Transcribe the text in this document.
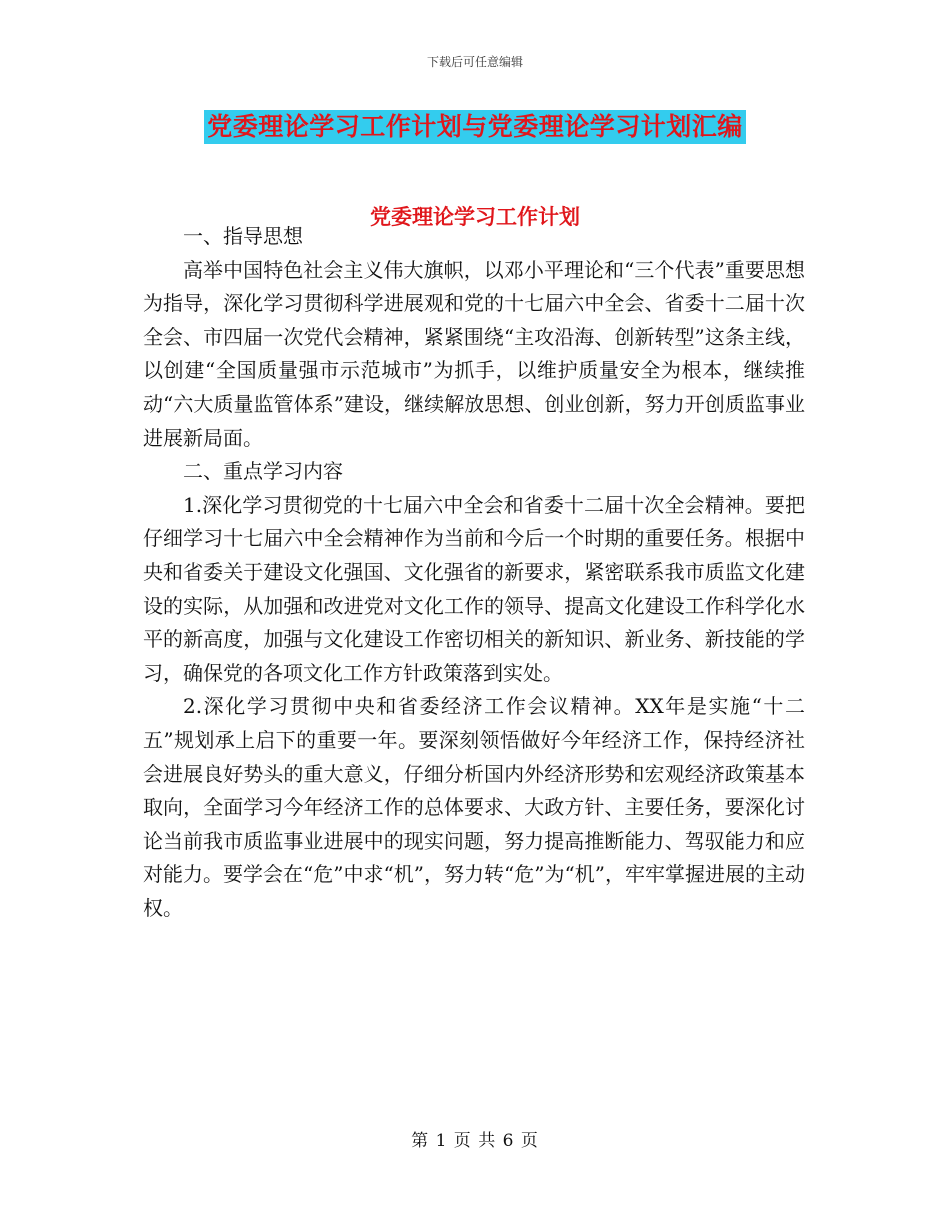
下载后可任意编辑
党委理论学习工作计划与党委理论学习计划汇编
党委理论学习工作计划

一、指导思想

高举中国特色社会主义伟大旗帜，以邓小平理论和“三个代表”重要思想为指导，深化学习贯彻科学进展观和党的十七届六中全会、省委十二届十次全会、市四届一次党代会精神，紧紧围绕“主攻沿海、创新转型”这条主线，以创建“全国质量强市示范城市”为抓手，以维护质量安全为根本，继续推动“六大质量监管体系”建设，继续解放思想、创业创新，努力开创质监事业进展新局面。

二、重点学习内容

1.深化学习贯彻党的十七届六中全会和省委十二届十次全会精神。要把仔细学习十七届六中全会精神作为当前和今后一个时期的重要任务。根据中央和省委关于建设文化强国、文化强省的新要求，紧密联系我市质监文化建设的实际，从加强和改进党对文化工作的领导、提高文化建设工作科学化水平的新高度，加强与文化建设工作密切相关的新知识、新业务、新技能的学习，确保党的各项文化工作方针政策落到实处。

2.深化学习贯彻中央和省委经济工作会议精神。XX年是实施“十二五”规划承上启下的重要一年。要深刻领悟做好今年经济工作，保持经济社会进展良好势头的重大意义，仔细分析国内外经济形势和宏观经济政策基本取向，全面学习今年经济工作的总体要求、大政方针、主要任务，要深化讨论当前我市质监事业进展中的现实问题，努力提高推断能力、驾驭能力和应对能力。要学会在“危”中求“机”，努力转“危”为“机”，牢牢掌握进展的主动权。

第 1 页 共 6 页
